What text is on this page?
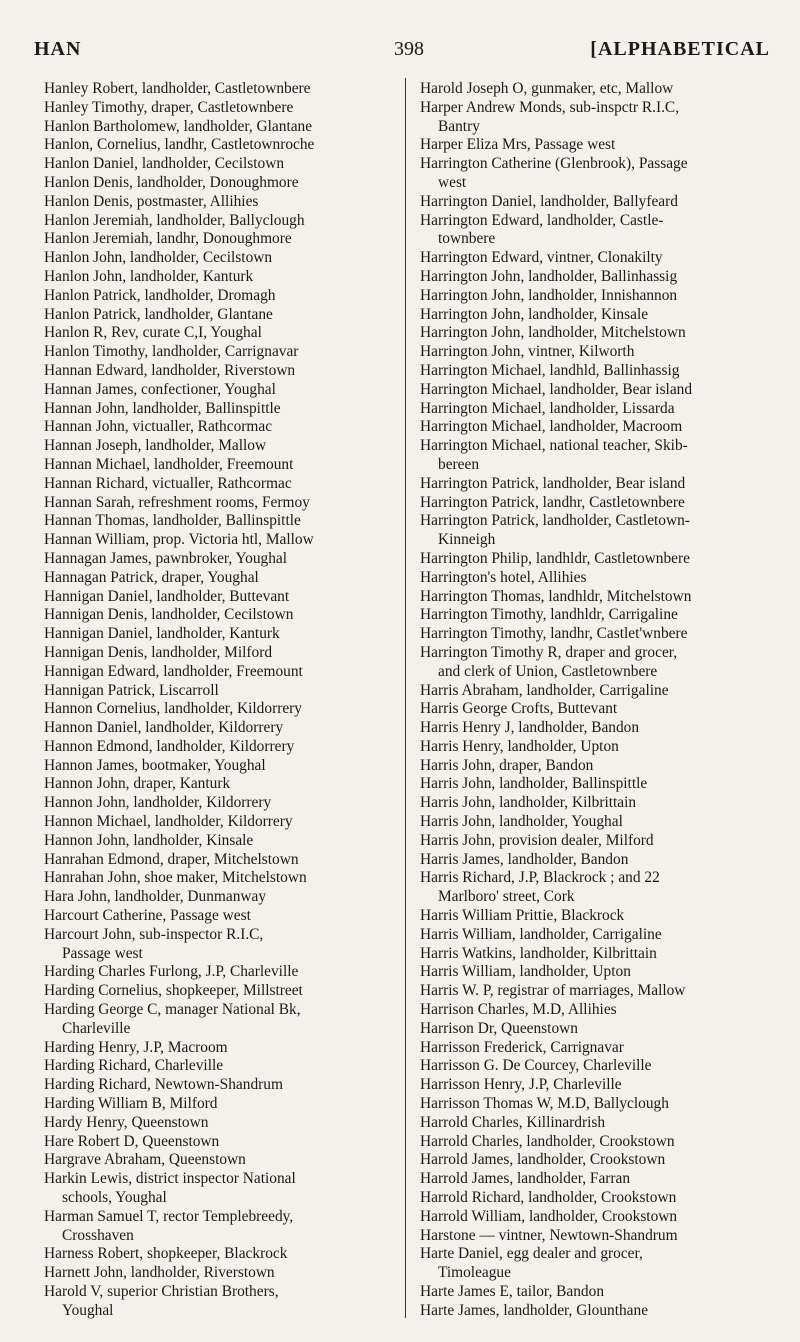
HAN	398	[ALPHABETICAL
Hanley Robert, landholder, Castletownbere
Hanley Timothy, draper, Castletownbere
Hanlon Bartholomew, landholder, Glantane
Hanlon, Cornelius, landhr, Castletownroche
Hanlon Daniel, landholder, Cecilstown
Hanlon Denis, landholder, Donoughmore
Hanlon Denis, postmaster, Allihies
Hanlon Jeremiah, landholder, Ballyclough
Hanlon Jeremiah, landhr, Donoughmore
Hanlon John, landholder, Cecilstown
Hanlon John, landholder, Kanturk
Hanlon Patrick, landholder, Dromagh
Hanlon Patrick, landholder, Glantane
Hanlon R, Rev, curate C,I, Youghal
Hanlon Timothy, landholder, Carrignavar
Hannan Edward, landholder, Riverstown
Hannan James, confectioner, Youghal
Hannan John, landholder, Ballinspittle
Hannan John, victualler, Rathcormac
Hannan Joseph, landholder, Mallow
Hannan Michael, landholder, Freemount
Hannan Richard, victualler, Rathcormac
Hannan Sarah, refreshment rooms, Fermoy
Hannan Thomas, landholder, Ballinspittle
Hannan William, prop. Victoria htl, Mallow
Hannagan James, pawnbroker, Youghal
Hannagan Patrick, draper, Youghal
Hannigan Daniel, landholder, Buttevant
Hannigan Denis, landholder, Cecilstown
Hannigan Daniel, landholder, Kanturk
Hannigan Denis, landholder, Milford
Hannigan Edward, landholder, Freemount
Hannigan Patrick, Liscarroll
Hannon Cornelius, landholder, Kildorrery
Hannon Daniel, landholder, Kildorrery
Hannon Edmond, landholder, Kildorrery
Hannon James, bootmaker, Youghal
Hannon John, draper, Kanturk
Hannon John, landholder, Kildorrery
Hannon Michael, landholder, Kildorrery
Hannon John, landholder, Kinsale
Hanrahan Edmond, draper, Mitchelstown
Hanrahan John, shoe maker, Mitchelstown
Hara John, landholder, Dunmanway
Harcourt Catherine, Passage west
Harcourt John, sub-inspector R.I.C,
Passage west
Harding Charles Furlong, J.P, Charleville
Harding Cornelius, shopkeeper, Millstreet
Harding George C, manager National Bk,
Charleville
Harding Henry, J.P, Macroom
Harding Richard, Charleville
Harding Richard, Newtown-Shandrum
Harding William B, Milford
Hardy Henry, Queenstown
Hare Robert D, Queenstown
Hargrave Abraham, Queenstown
Harkin Lewis, district inspector National
schools, Youghal
Harman Samuel T, rector Templebreedy,
Crosshaven
Harness Robert, shopkeeper, Blackrock
Harnett John, landholder, Riverstown
Harold V, superior Christian Brothers,
Youghal
Harold Joseph O, gunmaker, etc, Mallow
Harper Andrew Monds, sub-inspctr R.I.C,
Bantry
Harper Eliza Mrs, Passage west
Harrington Catherine (Glenbrook), Passage
west
Harrington Daniel, landholder, Ballyfeard
Harrington Edward, landholder, Castle-
townbere
Harrington Edward, vintner, Clonakilty
Harrington John, landholder, Ballinhassig
Harrington John, landholder, Innishannon
Harrington John, landholder, Kinsale
Harrington John, landholder, Mitchelstown
Harrington John, vintner, Kilworth
Harrington Michael, landhld, Ballinhassig
Harrington Michael, landholder, Bear island
Harrington Michael, landholder, Lissarda
Harrington Michael, landholder, Macroom
Harrington Michael, national teacher, Skib-
bereen
Harrington Patrick, landholder, Bear island
Harrington Patrick, landhr, Castletownbere
Harrington Patrick, landholder, Castletown-
Kinneigh
Harrington Philip, landhldr, Castletownbere
Harrington's hotel, Allihies
Harrington Thomas, landhldr, Mitchelstown
Harrington Timothy, landhldr, Carrigaline
Harrington Timothy, landhr, Castlet'wnbere
Harrington Timothy R, draper and grocer,
and clerk of Union, Castletownbere
Harris Abraham, landholder, Carrigaline
Harris George Crofts, Buttevant
Harris Henry J, landholder, Bandon
Harris Henry, landholder, Upton
Harris John, draper, Bandon
Harris John, landholder, Ballinspittle
Harris John, landholder, Kilbrittain
Harris John, landholder, Youghal
Harris John, provision dealer, Milford
Harris James, landholder, Bandon
Harris Richard, J.P, Blackrock ; and 22
Marlboro' street, Cork
Harris William Prittie, Blackrock
Harris William, landholder, Carrigaline
Harris Watkins, landholder, Kilbrittain
Harris William, landholder, Upton
Harris W. P, registrar of marriages, Mallow
Harrison Charles, M.D, Allihies
Harrison Dr, Queenstown
Harrisson Frederick, Carrignavar
Harrisson G. De Courcey, Charleville
Harrisson Henry, J.P, Charleville
Harrisson Thomas W, M.D, Ballyclough
Harrold Charles, Killinardrish
Harrold Charles, landholder, Crookstown
Harrold James, landholder, Crookstown
Harrold James, landholder, Farran
Harrold Richard, landholder, Crookstown
Harrold William, landholder, Crookstown
Harstone — vintner, Newtown-Shandrum
Harte Daniel, egg dealer and grocer,
Timoleague
Harte James E, tailor, Bandon
Harte James, landholder, Glounthane
